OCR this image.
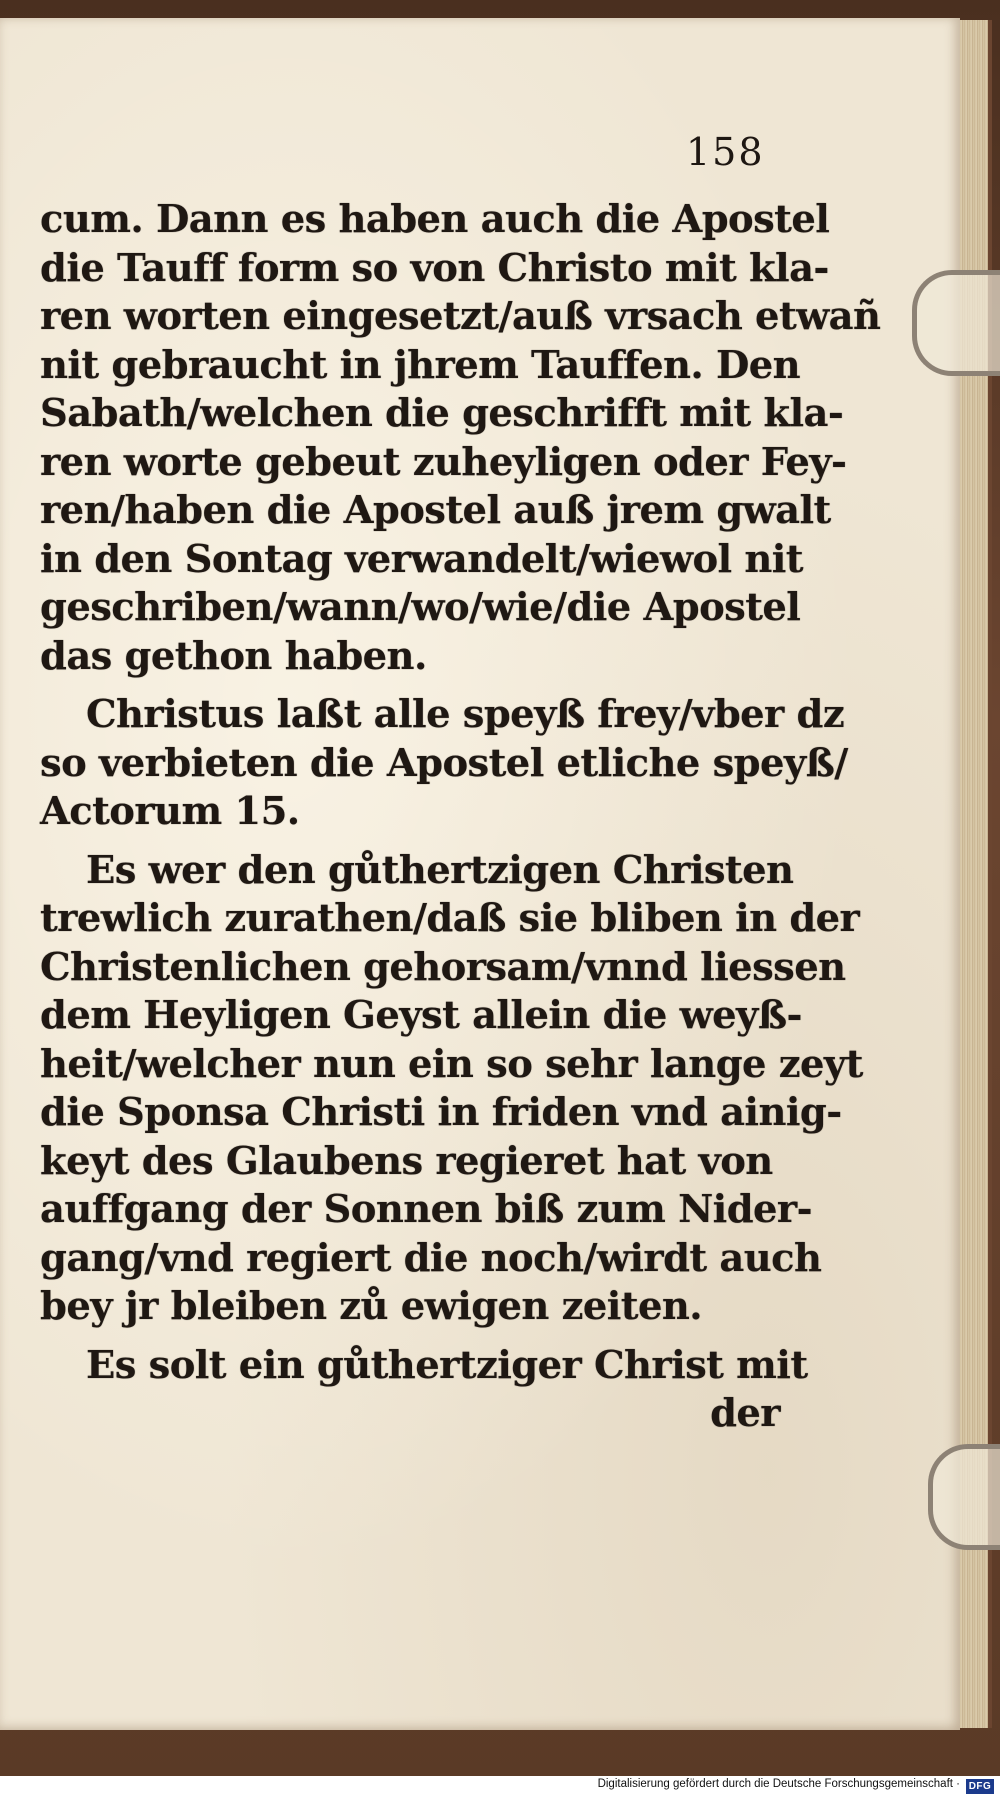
158
cum. Dann es haben auch die Apostel
die Tauff form so von Christo mit kla-
ren worten eingesetzt/auß vrsach etwañ
nit gebraucht in jhrem Tauffen. Den
Sabath/welchen die geschrifft mit kla-
ren worte gebeut zuheyligen oder Fey-
ren/haben die Apostel auß jrem gwalt
in den Sontag verwandelt/wiewol nit
geschriben/wann/wo/wie/die Apostel
das gethon haben.
Christus laßt alle speyß frey/vber dz
so verbieten die Apostel etliche speyß/
Actorum 15.
Es wer den gůthertzigen Christen
trewlich zurathen/daß sie bliben in der
Christenlichen gehorsam/vnnd liessen
dem Heyligen Geyst allein die weyß-
heit/welcher nun ein so sehr lange zeyt
die Sponsa Christi in friden vnd ainig-
keyt des Glaubens regieret hat von
auffgang der Sonnen biß zum Nider-
gang/vnd regiert die noch/wirdt auch
bey jr bleiben zů ewigen zeiten.
Es solt ein gůthertziger Christ mit
der
Digitalisierung gefördert durch die Deutsche Forschungsgemeinschaft · DFG
